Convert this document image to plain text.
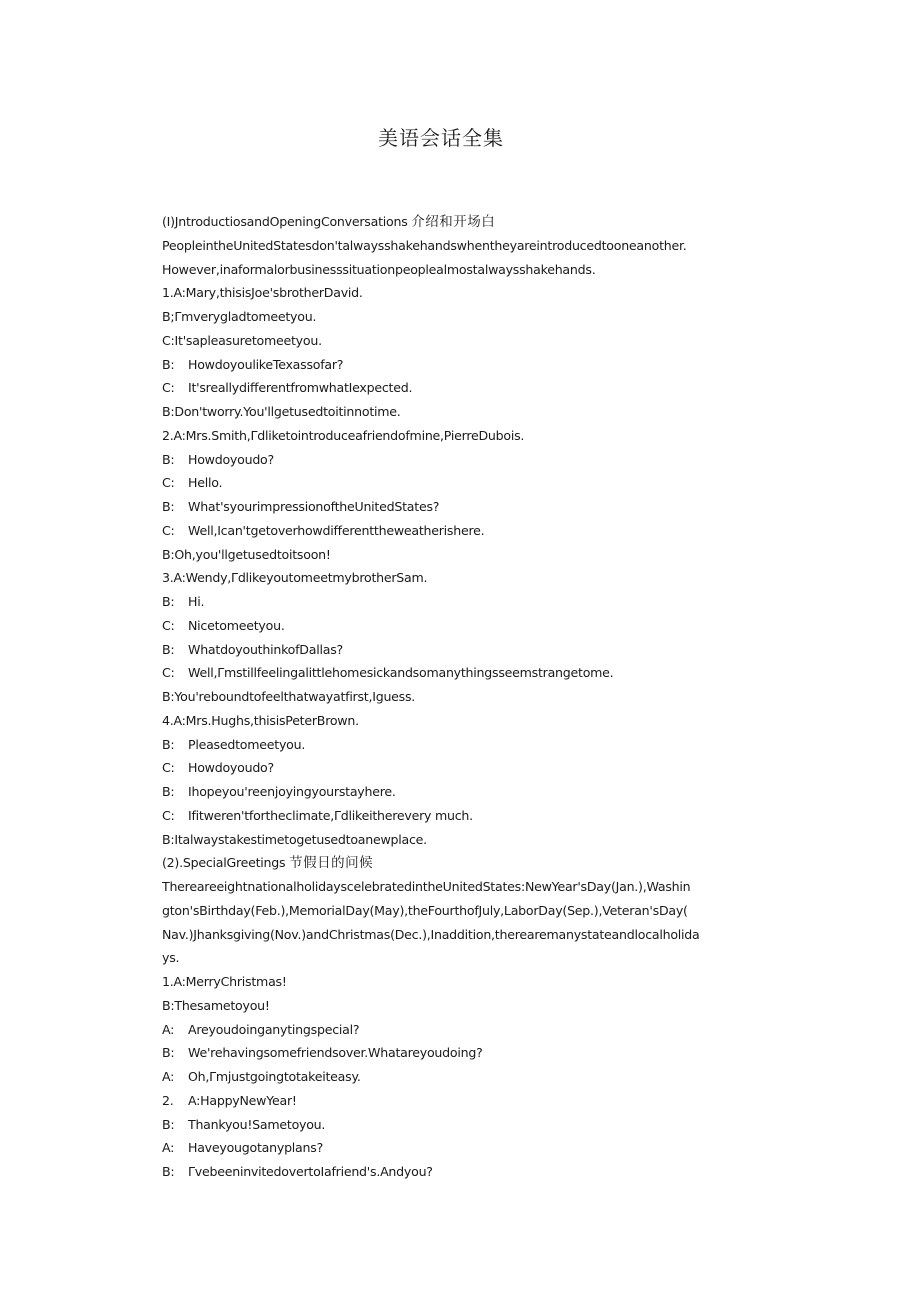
美语会话全集
(I)Jntroductiosand​OpeningConversations 介绍和开场白
PeopleintheUnitedStatesdon'talwaysshakehandswhentheyareintroducedtooneanother.
However,inaformalorbusinesssituationpeoplealmostalwaysshakehands.
1.A:Mary,thisisJoe'sbrotherDavid.
B;Γmverygladtomeetyou.
C:It'sapleasuretomeetyou.
B: HowdoyoulikeTexassofar?
C: It'sreallydifferentfromwhatIexpected.
B:Don'tworry.You'llgetusedtoitinnotime.
2.A:Mrs.Smith,Γdliketointroduceafriendofmine,PierreDubois.
B: Howdoyoudo?
C: Hello.
B: What'syourimpressionoftheUnitedStates?
C: Well,Ican'tgetoverhowdifferenttheweatherishere.
B:Oh,you'llgetusedtoitsoon!
3.A:Wendy,ΓdlikeyoutomeetmybrotherSam.
B: Hi.
C: Nicetomeetyou.
B: WhatdoyouthinkofDallas?
C: Well,Γmstillfeelingalittlehomesickandsomanythingsseemstrangetome.
B:You'reboundtofeelthatwayatfirst,Iguess.
4.A:Mrs.Hughs,thisisPeterBrown.
B: Pleasedtomeetyou.
C: Howdoyoudo?
B: Ihopeyou'reenjoyingyourstayhere.
C: Ifitweren'tfortheclimate,Γdlikeitherevery much.
B:Italwaystakestimetogetusedtoanewplace.
(2).SpecialGreetings 节假日的问候
ThereareeightnationalholidayscelebratedintheUnitedStates:NewYear'sDay(Jan.),Washin
gton'sBirthday(Feb.),MemorialDay(May),theFourthofJuly,LaborDay(Sep.),Veteran'sDay(
Nav.)Jhanksgiving(Nov.)andChristmas(Dec.),Inaddition,therearemanystateandlocalholida
ys.
1.A:MerryChristmas!
B:Thesametoyou!
A: Areyoudoinganytingspecial?
B: We'rehavingsomefriendsover.Whatareyoudoing?
A: Oh,Γmjustgoingtotakeiteasy.
2. A:HappyNewYear!
B: Thankyou!Sametoyou.
A: Haveyougotanyplans?
B: ΓvebeeninvitedovertoIafriend's.Andyou?
